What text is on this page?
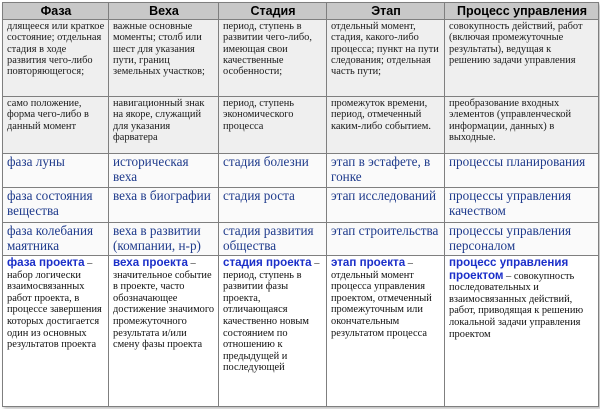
Фаза	Веха	Стадия	Этап	Процесс управления
длящееся или краткое состояние; отдельная стадия в ходе развития чего-либо повторяющегося;	важные основные моменты; столб или шест для указания пути, границ земельных участков;	период, ступень в развитии чего-либо, имеющая свои качественные особенности;	отдельный момент, стадия, какого-либо процесса; пункт на пути следования; отдельная часть пути;	совокупность действий, работ (включая промежуточные результаты), ведущая к решению задачи управления
само положение, форма чего-либо в данный момент	навигационный знак на якоре, служащий для указания фарватера	период, ступень экономического процесса	промежуток времени, период, отмеченный каким-либо событием.	преобразование входных элементов (управленческой информации, данных) в выходные.
фаза луны	историческая веха	стадия болезни	этап в эстафете, в гонке	процессы планирования
фаза состояния вещества	веха в биографии	стадия роста	этап исследований	процессы управления качеством
фаза колебания маятника	веха в развитии (компании, н-р)	стадия развития общества	этап строительства	процессы управления персоналом
фаза проекта – набор логически взаимосвязанных работ проекта, в процессе завершения которых достигается один из основных результатов проекта	веха проекта – значительное событие в проекте, часто обозначающее достижение значимого промежуточного результата и/или смену фазы проекта	стадия проекта – период, ступень в развитии фазы проекта, отличающаяся качественно новым состоянием по отношению к предыдущей и последующей	этап проекта – отдельный момент процесса управления проектом, отмеченный промежуточным или окончательным результатом процесса	процесс управления проектом – совокупность последовательных и взаимосвязанных действий, работ, приводящая к решению локальной задачи управления проектом
